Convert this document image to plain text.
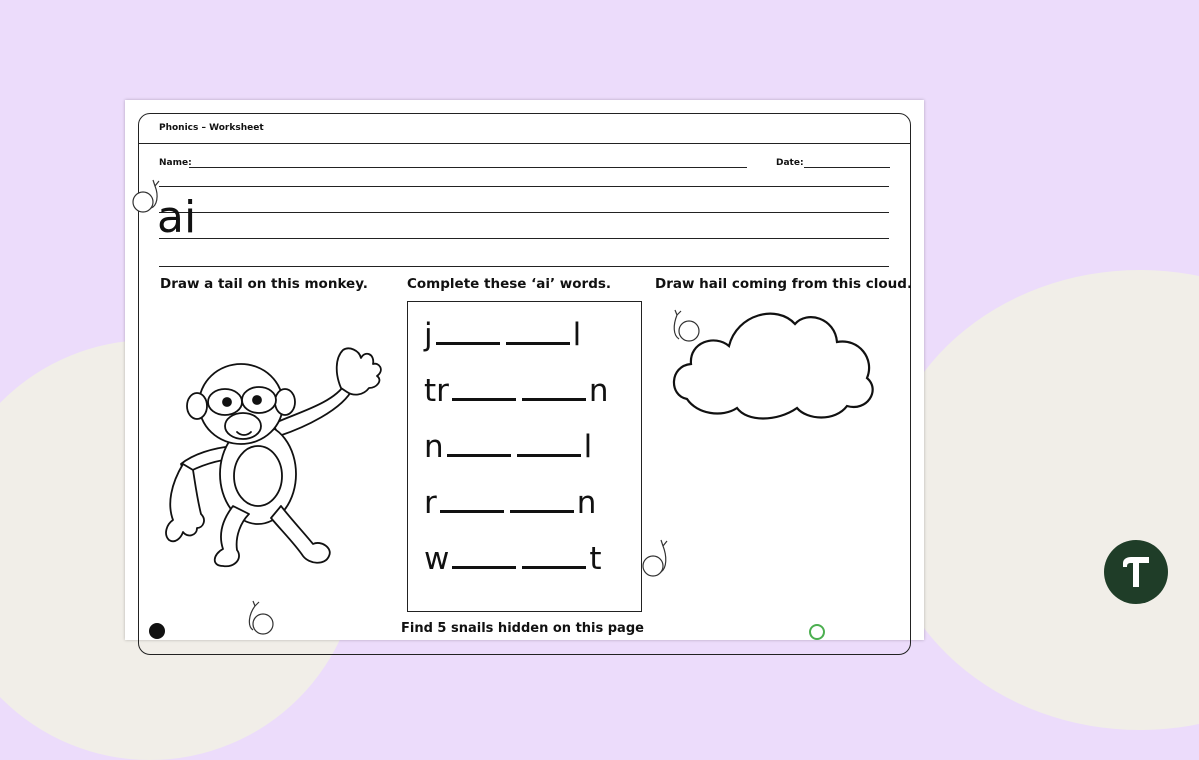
Phonics – Worksheet
Name:	Date:
ai
Draw a tail on this monkey.	Complete these ‘ai’ words.	Draw hail coming from this cloud.
j	l
tr	n
n	l
r	n
w	t
Find 5 snails hidden on this page
